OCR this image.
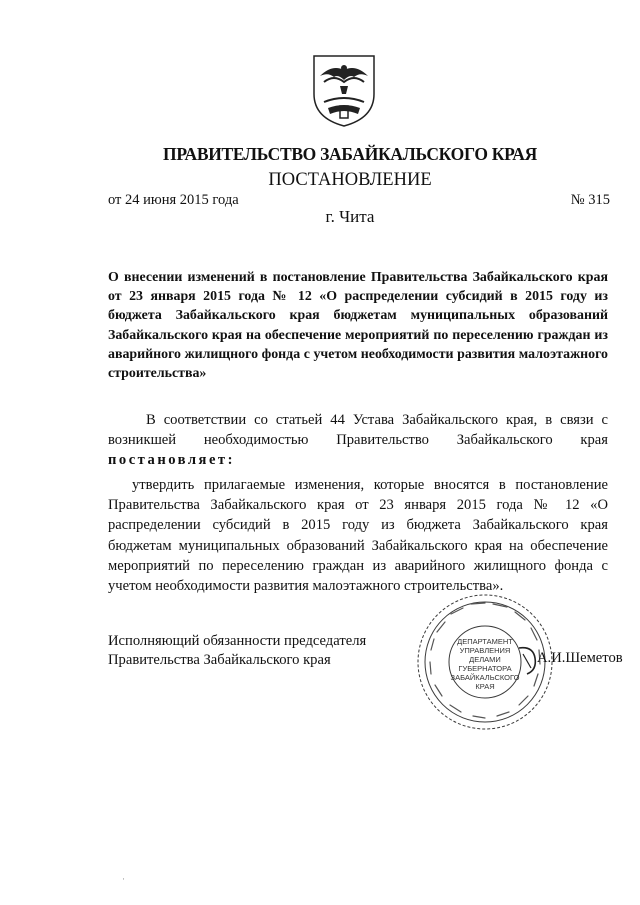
ПРАВИТЕЛЬСТВО ЗАБАЙКАЛЬСКОГО КРАЯ
ПОСТАНОВЛЕНИЕ
от 24 июня 2015 года	№ 315
г. Чита
О внесении изменений в постановление Правительства Забайкальского края от 23 января 2015 года № 12 «О распределении субсидий в 2015 году из бюджета Забайкальского края бюджетам муниципальных образований Забайкальского края на обеспечение мероприятий по переселению граждан из аварийного жилищного фонда с учетом необходимости развития малоэтажного строительства»
В соответствии со статьей 44 Устава Забайкальского края, в связи с возникшей необходимостью Правительство Забайкальского края постановляет:
утвердить прилагаемые изменения, которые вносятся в постановление Правительства Забайкальского края от 23 января 2015 года № 12 «О распределении субсидий в 2015 году из бюджета Забайкальского края бюджетам муниципальных образований Забайкальского края на обеспечение мероприятий по переселению граждан из аварийного жилищного фонда с учетом необходимости развития малоэтажного строительства».
Исполняющий обязанности председателя
Правительства Забайкальского края
ДЕПАРТАМЕНТ
УПРАВЛЕНИЯ
ДЕЛАМИ
ГУБЕРНАТОРА
ЗАБАЙКАЛЬСКОГО
КРАЯ
А.И.Шеметов
·
